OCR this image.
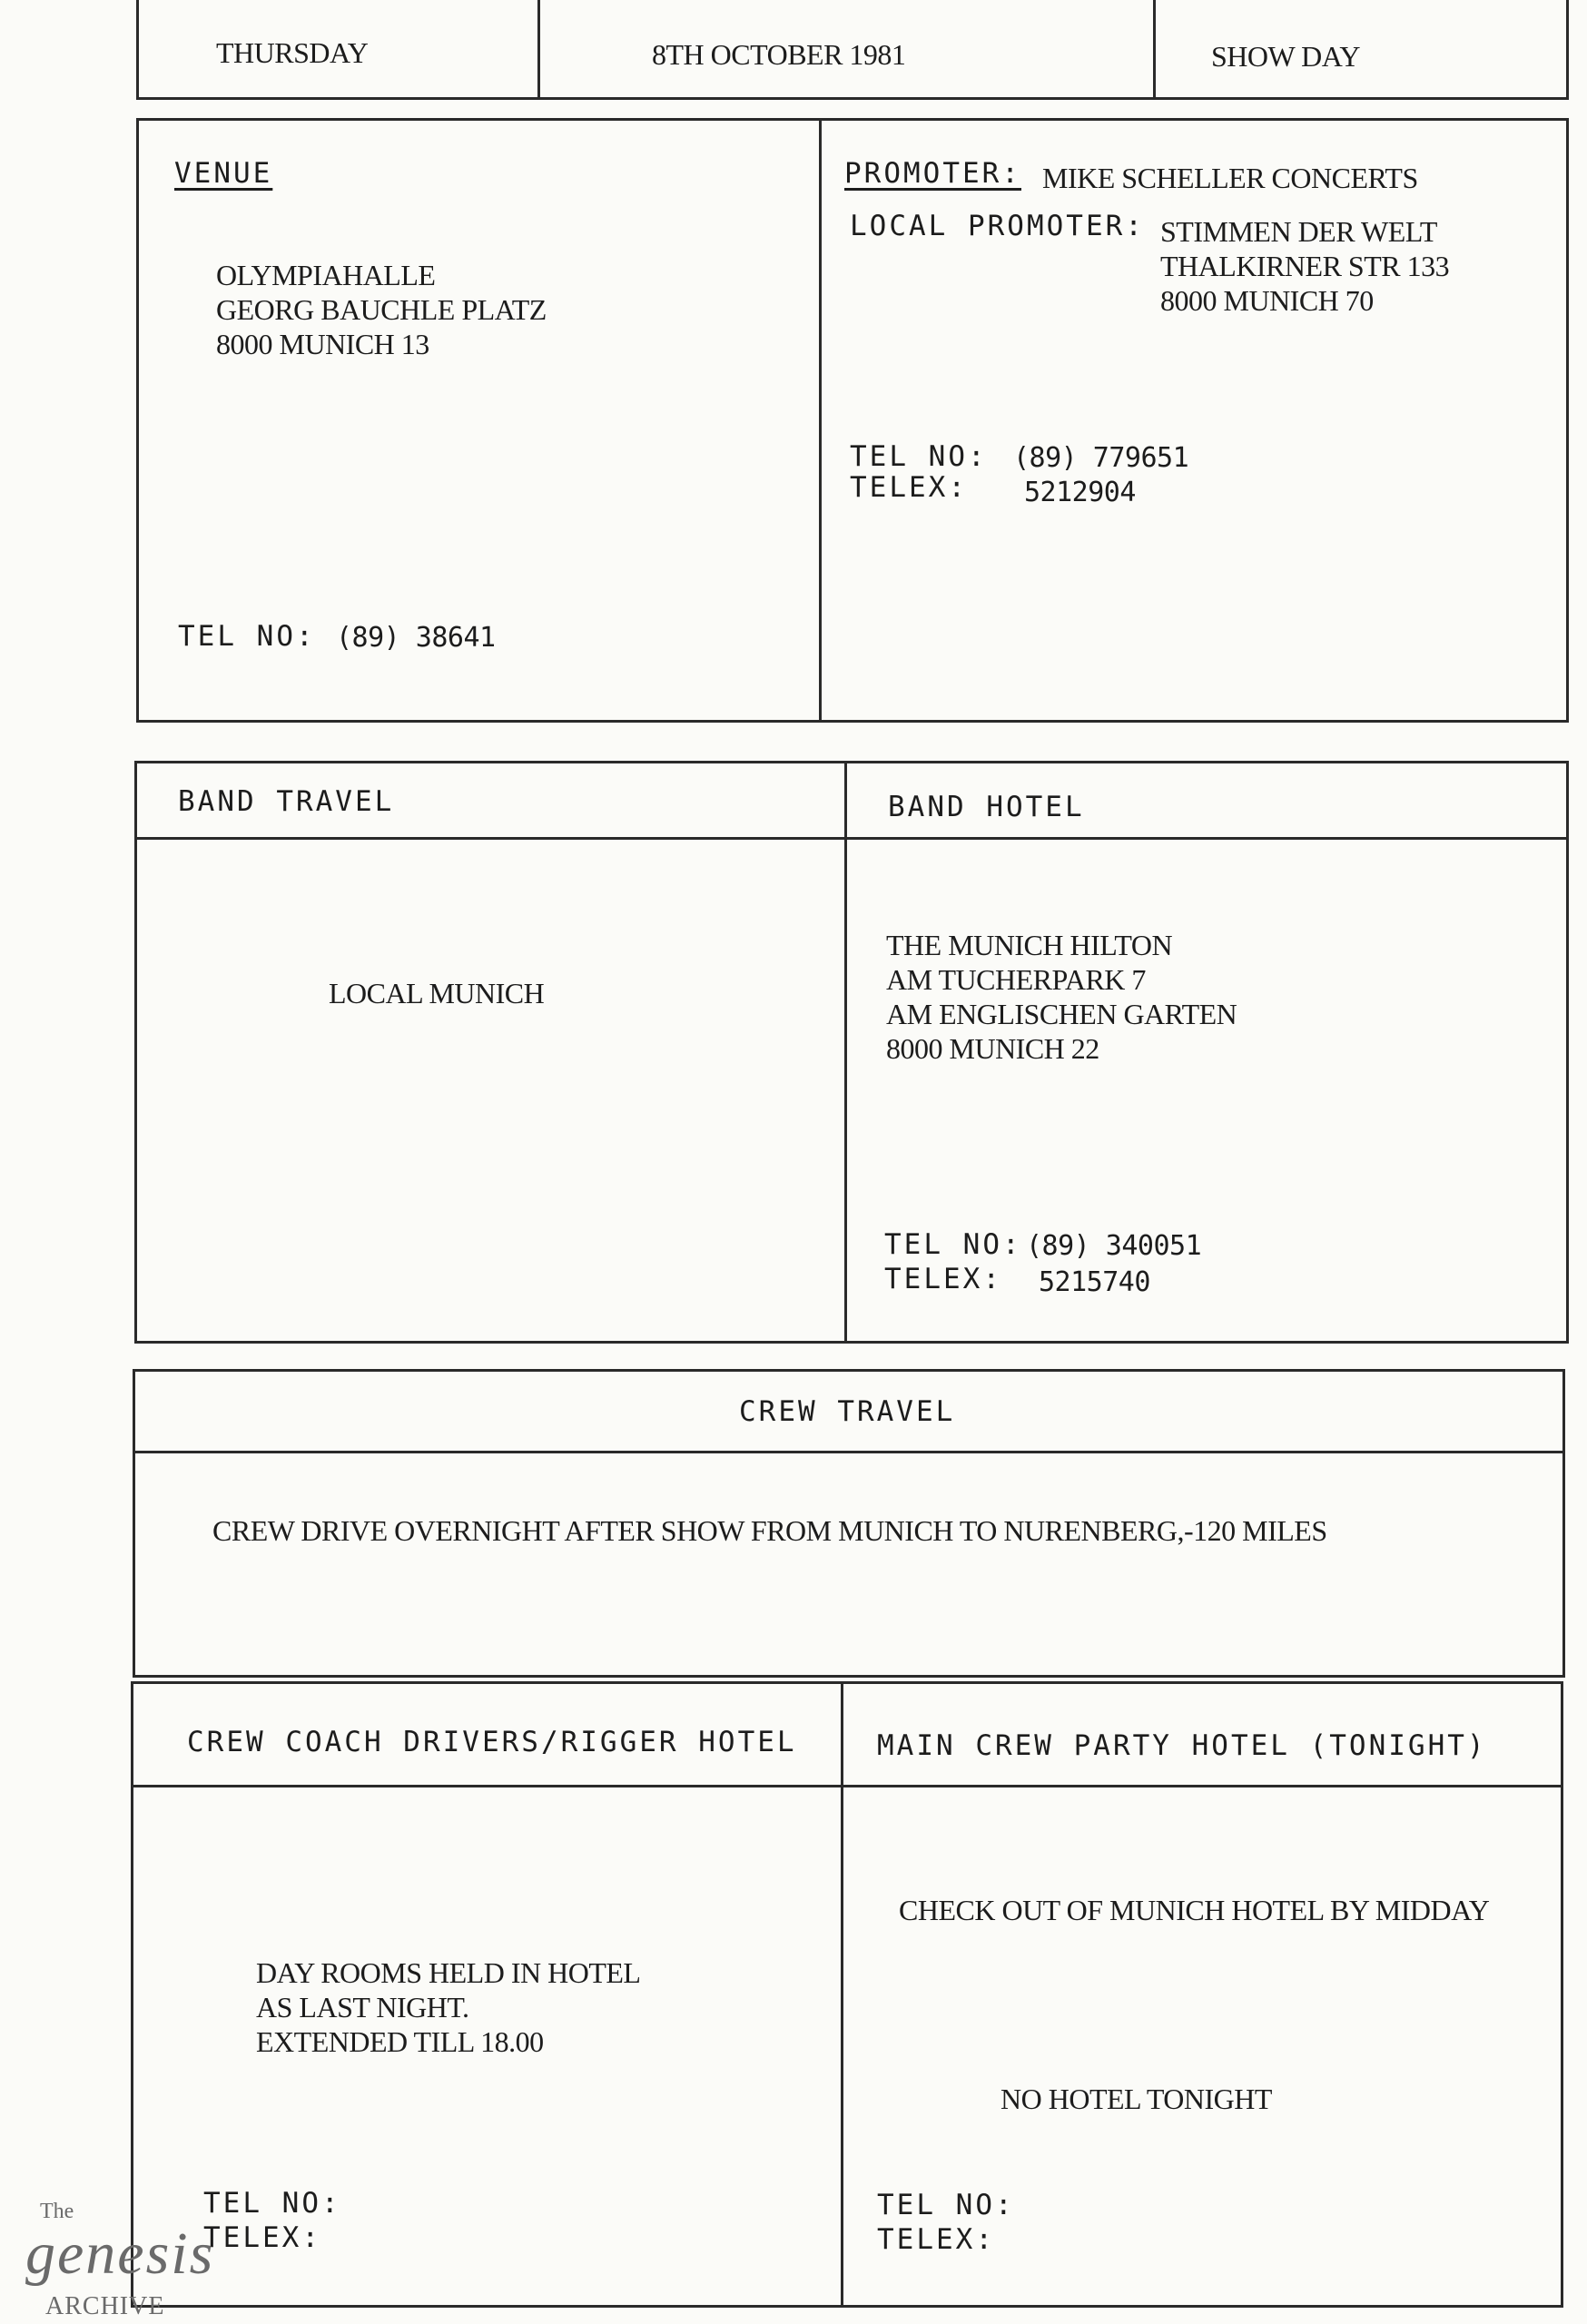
THURSDAY	8TH OCTOBER 1981	SHOW DAY
VENUE
OLYMPIAHALLE
GEORG BAUCHLE PLATZ
8000 MUNICH 13
TEL NO: (89) 38641
PROMOTER: MIKE SCHELLER CONCERTS
LOCAL PROMOTER: STIMMEN DER WELT
THALKIRNER STR 133
8000 MUNICH 70
TEL NO: (89) 779651
TELEX: 5212904
BAND TRAVEL
LOCAL MUNICH
BAND HOTEL
THE MUNICH HILTON
AM TUCHERPARK 7
AM ENGLISCHEN GARTEN
8000 MUNICH 22
TEL NO: (89) 340051
TELEX: 5215740
CREW TRAVEL
CREW DRIVE OVERNIGHT AFTER SHOW FROM MUNICH TO NURENBERG,-120 MILES
CREW COACH DRIVERS/RIGGER HOTEL
DAY ROOMS HELD IN HOTEL
AS LAST NIGHT.
EXTENDED TILL 18.00
TEL NO:
TELEX:
MAIN CREW PARTY HOTEL (TONIGHT)
CHECK OUT OF MUNICH HOTEL BY MIDDAY
NO HOTEL TONIGHT
TEL NO:
TELEX:
The
genesis
ARCHIVE
